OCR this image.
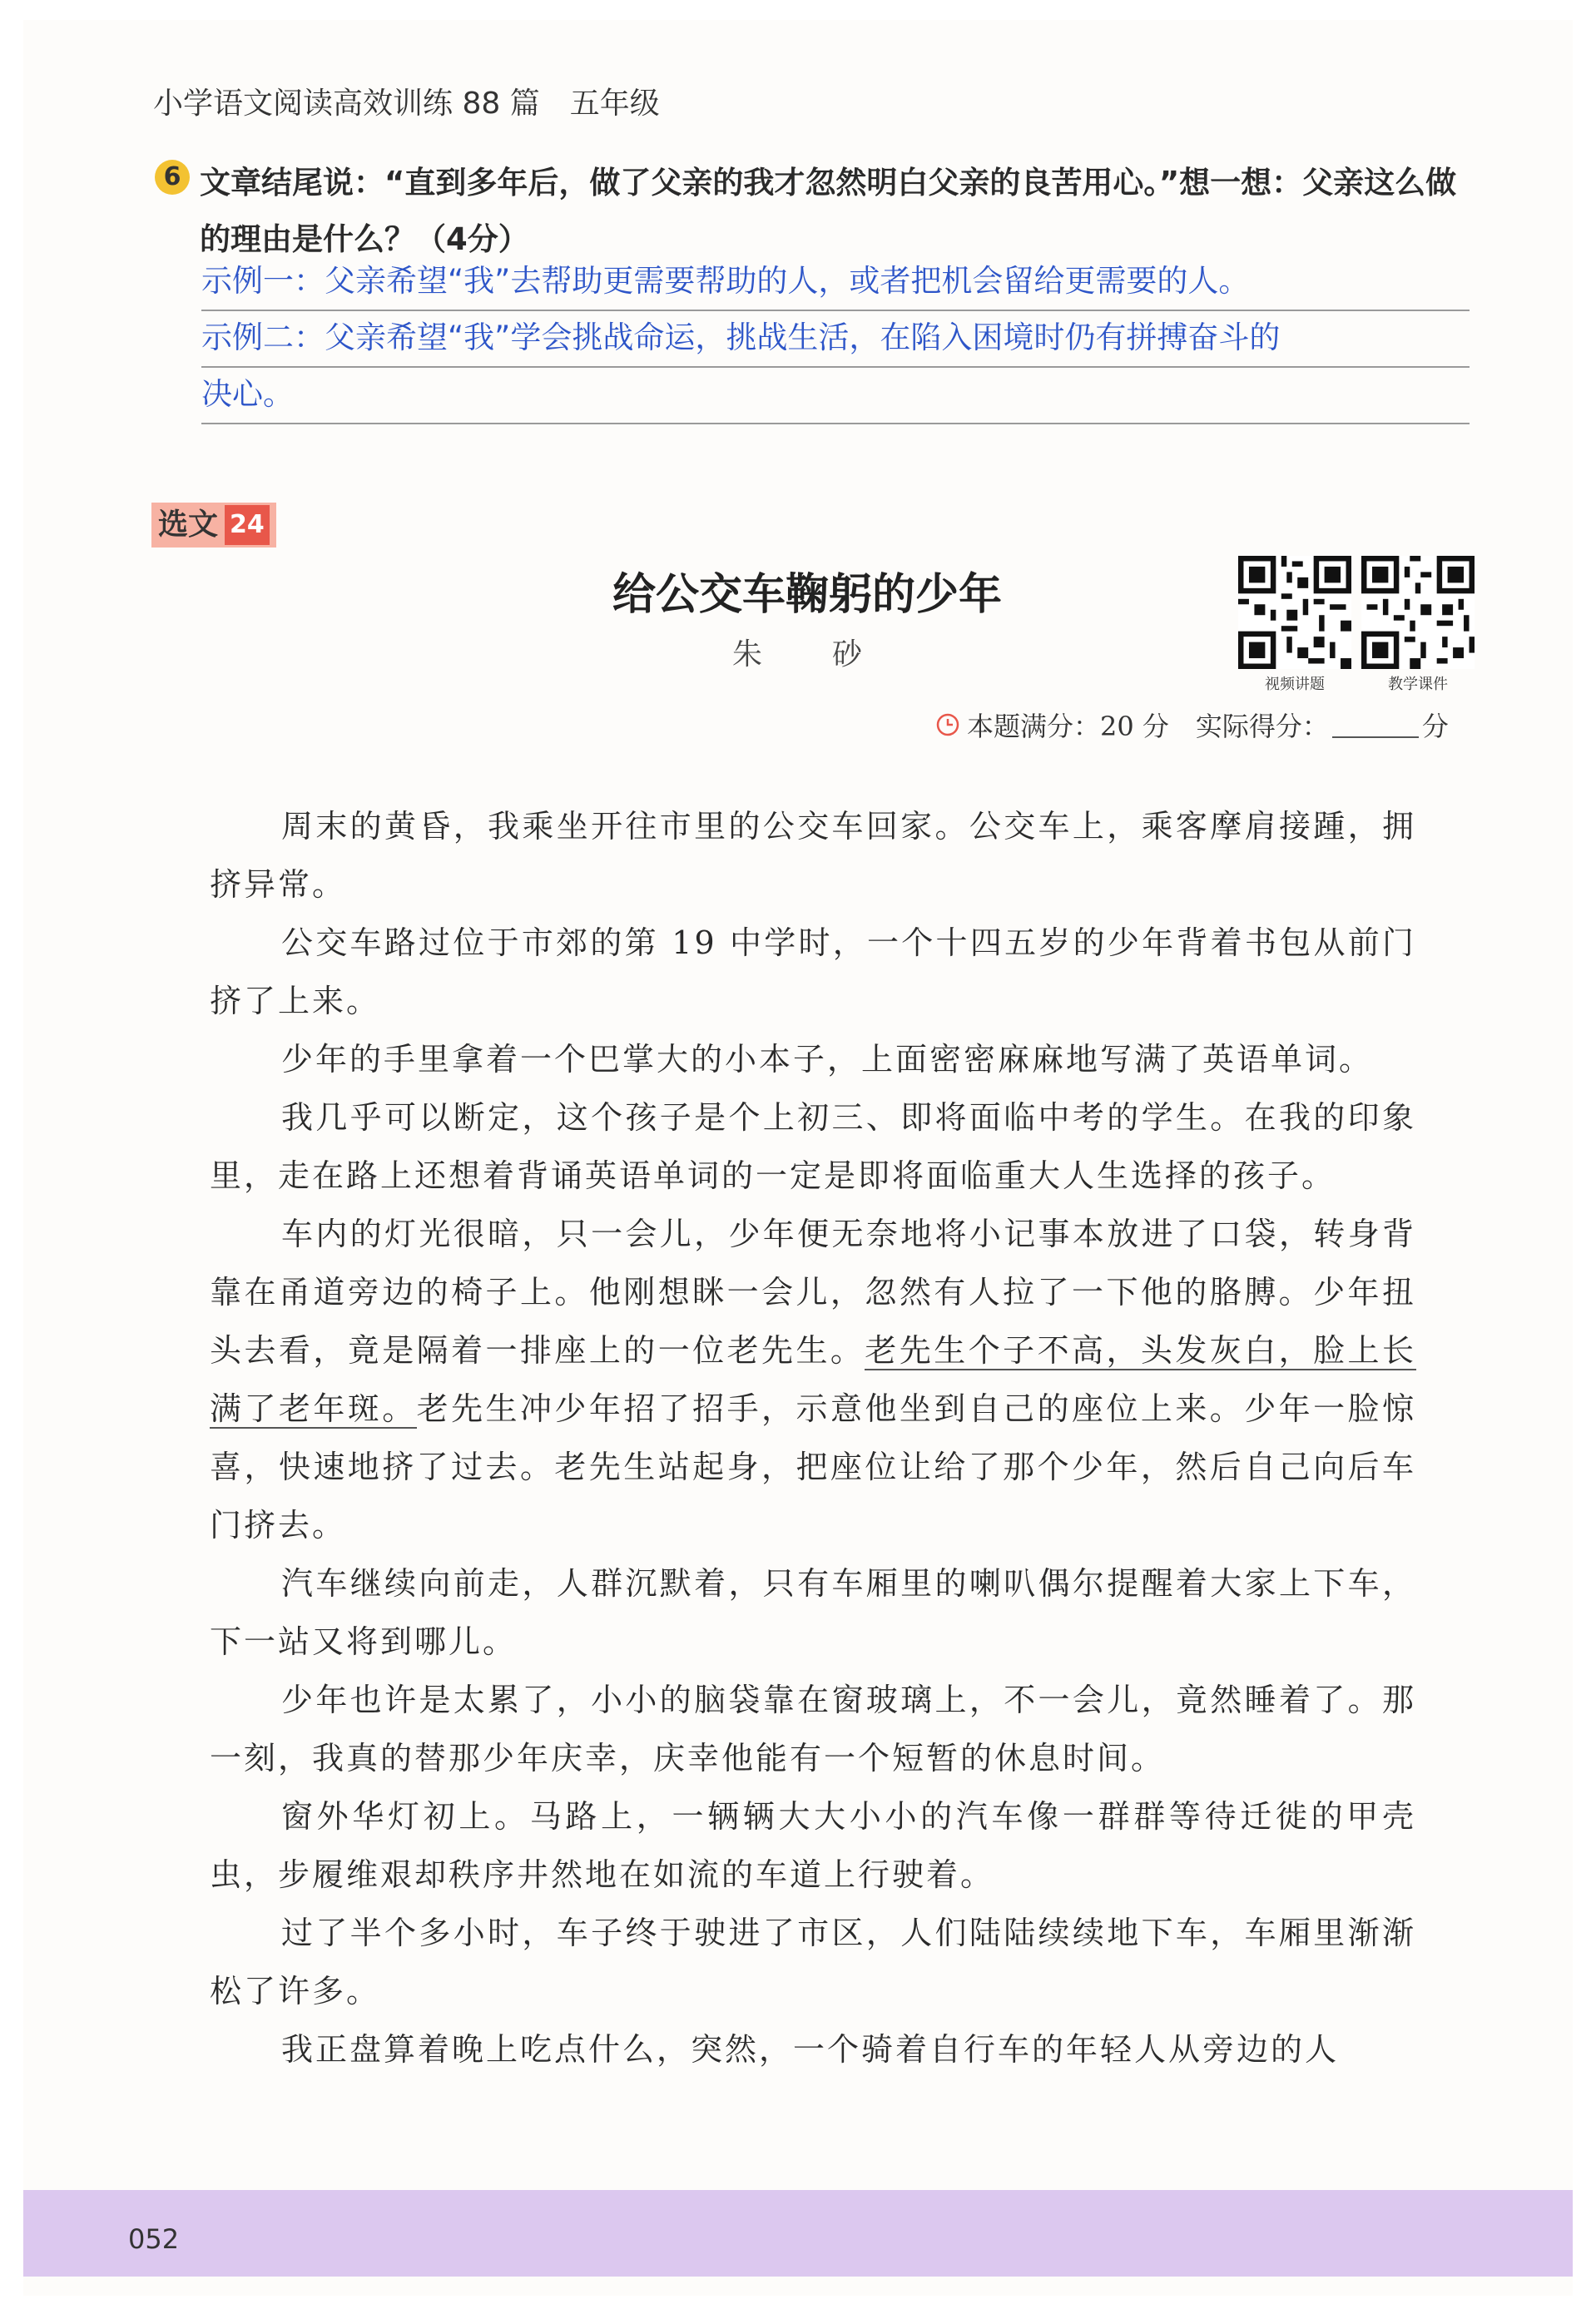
小学语文阅读高效训练 88 篇　五年级
6 文章结尾说：“直到多年后，做了父亲的我才忽然明白父亲的良苦用心。”想一想：父亲这么做的理由是什么？（4分）
示例一：父亲希望“我”去帮助更需要帮助的人，或者把机会留给更需要的人。
示例二：父亲希望“我”学会挑战命运，挑战生活，在陷入困境时仍有拼搏奋斗的
决心。
选文 24
给公交车鞠躬的少年
朱　砂
视频讲题	教学课件
本题满分：20 分　实际得分：	分

周末的黄昏，我乘坐开往市里的公交车回家。公交车上，乘客摩肩接踵，拥挤异常。

公交车路过位于市郊的第 19 中学时，一个十四五岁的少年背着书包从前门挤了上来。

少年的手里拿着一个巴掌大的小本子，上面密密麻麻地写满了英语单词。

我几乎可以断定，这个孩子是个上初三、即将面临中考的学生。在我的印象里，走在路上还想着背诵英语单词的一定是即将面临重大人生选择的孩子。

车内的灯光很暗，只一会儿，少年便无奈地将小记事本放进了口袋，转身背靠在甬道旁边的椅子上。他刚想眯一会儿，忽然有人拉了一下他的胳膊。少年扭头去看，竟是隔着一排座上的一位老先生。老先生个子不高，头发灰白，脸上长满了老年斑。老先生冲少年招了招手，示意他坐到自己的座位上来。少年一脸惊喜，快速地挤了过去。老先生站起身，把座位让给了那个少年，然后自己向后车门挤去。

汽车继续向前走，人群沉默着，只有车厢里的喇叭偶尔提醒着大家上下车，下一站又将到哪儿。

少年也许是太累了，小小的脑袋靠在窗玻璃上，不一会儿，竟然睡着了。那一刻，我真的替那少年庆幸，庆幸他能有一个短暂的休息时间。

窗外华灯初上。马路上，一辆辆大大小小的汽车像一群群等待迁徙的甲壳虫，步履维艰却秩序井然地在如流的车道上行驶着。

过了半个多小时，车子终于驶进了市区，人们陆陆续续地下车，车厢里渐渐松了许多。

我正盘算着晚上吃点什么，突然，一个骑着自行车的年轻人从旁边的人

052
